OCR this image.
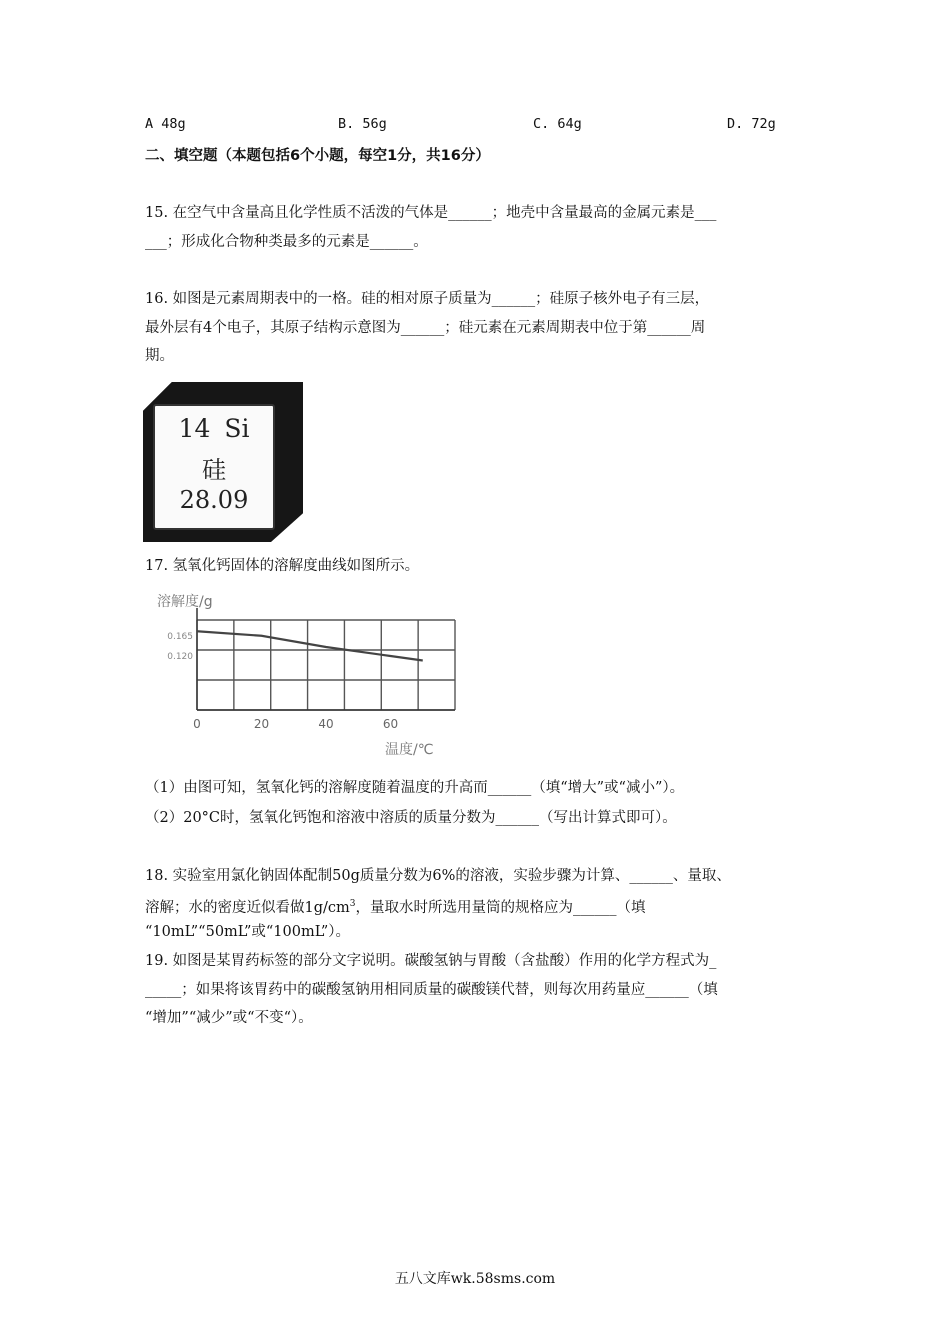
A 48g	B. 56g	C. 64g	D. 72g
二、填空题（本题包括6个小题，每空1分，共16分）
15. 在空气中含量高且化学性质不活泼的气体是______；地壳中含量最高的金属元素是___
___；形成化合物种类最多的元素是______。
16. 如图是元素周期表中的一格。硅的相对原子质量为______；硅原子核外电子有三层，
最外层有4个电子，其原子结构示意图为______；硅元素在元素周期表中位于第______周
期。
14 Si
硅
28.09
17. 氢氧化钙固体的溶解度曲线如图所示。
0	20	40	60
0.165
0.120
溶解度/g
温度/℃
（1）由图可知，氢氧化钙的溶解度随着温度的升高而______（填“增大”或“减小”）。
（2）20°C时，氢氧化钙饱和溶液中溶质的质量分数为______（写出计算式即可）。
18. 实验室用氯化钠固体配制50g质量分数为6%的溶液，实验步骤为计算、______、量取、
溶解；水的密度近似看做$1g/cm^3$，量取水时所选用量筒的规格应为______（填
“10mL”“50mL”或“100mL”）。
19. 如图是某胃药标签的部分文字说明。碳酸氢钠与胃酸（含盐酸）作用的化学方程式为_
_____；如果将该胃药中的碳酸氢钠用相同质量的碳酸镁代替，则每次用药量应______（填
“增加”“减少”或“不变“）。
五八文库wk.58sms.com
